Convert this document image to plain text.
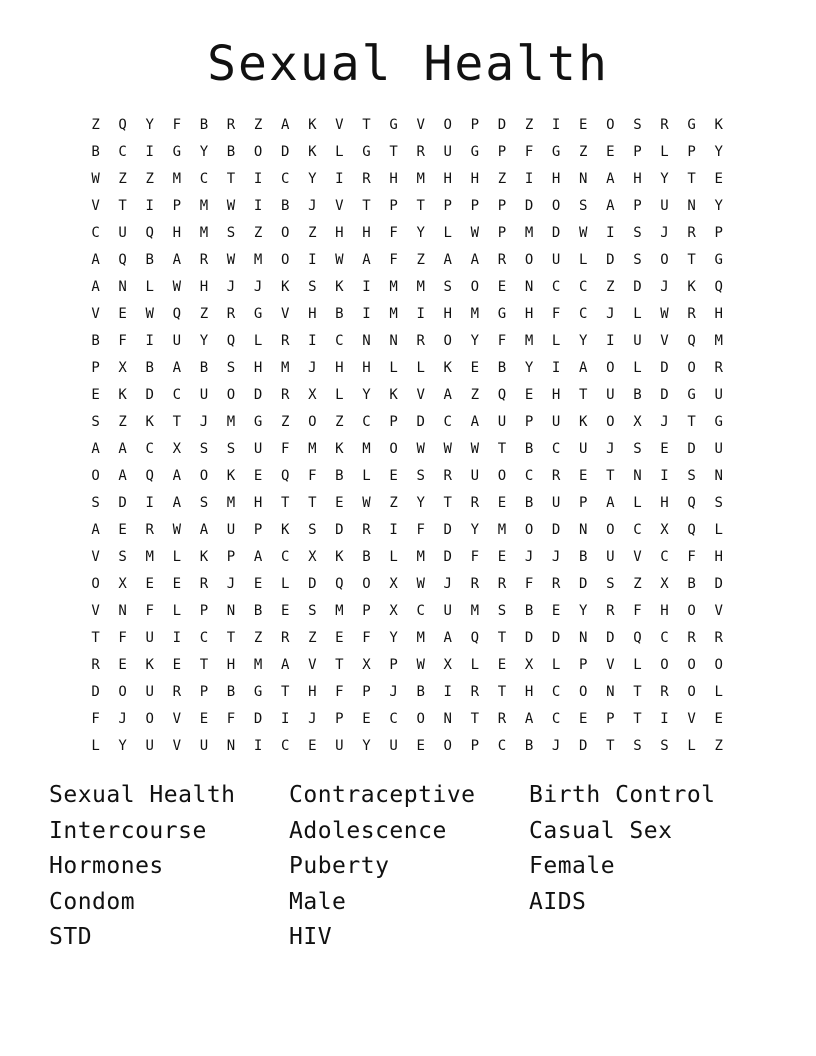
Sexual Health
Z	Q	Y	F	B	R	Z	A	K	V	T	G	V	O	P	D	Z	I	E	O	S	R	G	K
B	C	I	G	Y	B	O	D	K	L	G	T	R	U	G	P	F	G	Z	E	P	L	P	Y
W	Z	Z	M	C	T	I	C	Y	I	R	H	M	H	H	Z	I	H	N	A	H	Y	T	E
V	T	I	P	M	W	I	B	J	V	T	P	T	P	P	P	D	O	S	A	P	U	N	Y
C	U	Q	H	M	S	Z	O	Z	H	H	F	Y	L	W	P	M	D	W	I	S	J	R	P
A	Q	B	A	R	W	M	O	I	W	A	F	Z	A	A	R	O	U	L	D	S	O	T	G
A	N	L	W	H	J	J	K	S	K	I	M	M	S	O	E	N	C	C	Z	D	J	K	Q
V	E	W	Q	Z	R	G	V	H	B	I	M	I	H	M	G	H	F	C	J	L	W	R	H
B	F	I	U	Y	Q	L	R	I	C	N	N	R	O	Y	F	M	L	Y	I	U	V	Q	M
P	X	B	A	B	S	H	M	J	H	H	L	L	K	E	B	Y	I	A	O	L	D	O	R
E	K	D	C	U	O	D	R	X	L	Y	K	V	A	Z	Q	E	H	T	U	B	D	G	U
S	Z	K	T	J	M	G	Z	O	Z	C	P	D	C	A	U	P	U	K	O	X	J	T	G
A	A	C	X	S	S	U	F	M	K	M	O	W	W	W	T	B	C	U	J	S	E	D	U
O	A	Q	A	O	K	E	Q	F	B	L	E	S	R	U	O	C	R	E	T	N	I	S	N
S	D	I	A	S	M	H	T	T	E	W	Z	Y	T	R	E	B	U	P	A	L	H	Q	S
A	E	R	W	A	U	P	K	S	D	R	I	F	D	Y	M	O	D	N	O	C	X	Q	L
V	S	M	L	K	P	A	C	X	K	B	L	M	D	F	E	J	J	B	U	V	C	F	H
O	X	E	E	R	J	E	L	D	Q	O	X	W	J	R	R	F	R	D	S	Z	X	B	D
V	N	F	L	P	N	B	E	S	M	P	X	C	U	M	S	B	E	Y	R	F	H	O	V
T	F	U	I	C	T	Z	R	Z	E	F	Y	M	A	Q	T	D	D	N	D	Q	C	R	R
R	E	K	E	T	H	M	A	V	T	X	P	W	X	L	E	X	L	P	V	L	O	O	O
D	O	U	R	P	B	G	T	H	F	P	J	B	I	R	T	H	C	O	N	T	R	O	L
F	J	O	V	E	F	D	I	J	P	E	C	O	N	T	R	A	C	E	P	T	I	V	E
L	Y	U	V	U	N	I	C	E	U	Y	U	E	O	P	C	B	J	D	T	S	S	L	Z
Sexual Health
Intercourse
Hormones
Condom
STD
Contraceptive
Adolescence
Puberty
Male
HIV
Birth Control
Casual Sex
Female
AIDS
